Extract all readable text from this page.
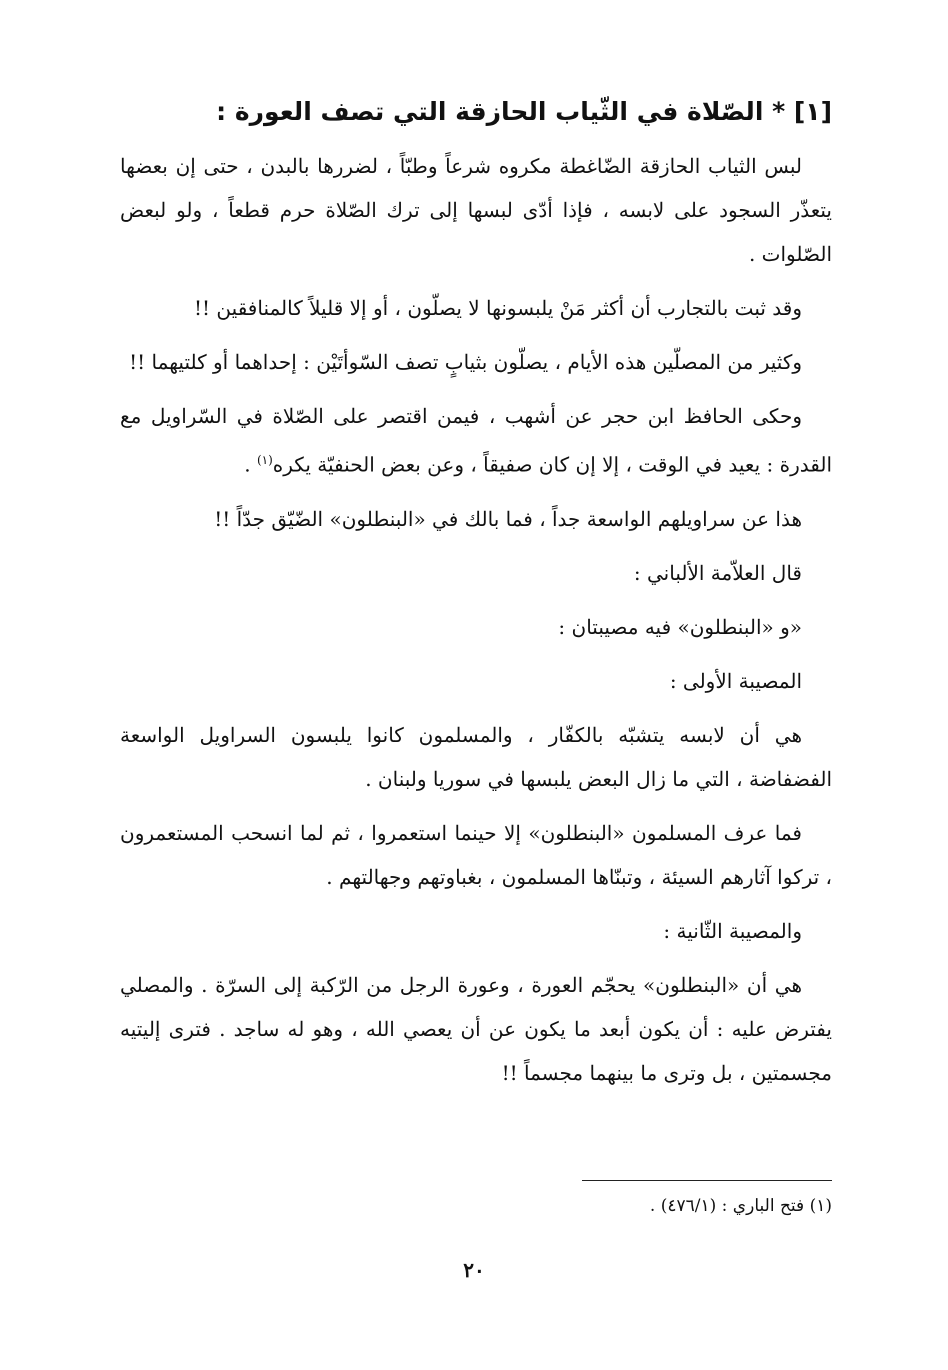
[١] * الصّلاة في الثّياب الحازقة التي تصف العورة :

لبس الثياب الحازقة الضّاغطة مكروه شرعاً وطبّاً ، لضررها بالبدن ، حتى إن بعضها يتعذّر السجود على لابسه ، فإذا أدّى لبسها إلى ترك الصّلاة حرم قطعاً ، ولو لبعض الصّلوات .

وقد ثبت بالتجارب أن أكثر مَنْ يلبسونها لا يصلّون ، أو إلا قليلاً كالمنافقين !!

وكثير من المصلّين هذه الأيام ، يصلّون بثيابٍ تصف السّوأتَيْن : إحداهما أو كلتيهما !!

وحكى الحافظ ابن حجر عن أشهب ، فيمن اقتصر على الصّلاة في السّراويل مع القدرة : يعيد في الوقت ، إلا إن كان صفيقاً ، وعن بعض الحنفيّة يكره$^{(١)}$ .

هذا عن سراويلهم الواسعة جداً ، فما بالك في «البنطلون» الضّيّق جدّاً !!

قال العلاّمة الألباني :

«و «البنطلون» فيه مصيبتان :

المصيبة الأولى :

هي أن لابسه يتشبّه بالكفّار ، والمسلمون كانوا يلبسون السراويل الواسعة الفضفاضة ، التي ما زال البعض يلبسها في سوريا ولبنان .

فما عرف المسلمون «البنطلون» إلا حينما استعمروا ، ثم لما انسحب المستعمرون ، تركوا آثارهم السيئة ، وتبنّاها المسلمون ، بغباوتهم وجهالتهم .

والمصيبة الثّانية :

هي أن «البنطلون» يحجّم العورة ، وعورة الرجل من الرّكبة إلى السرّة . والمصلي يفترض عليه : أن يكون أبعد ما يكون عن أن يعصي الله ، وهو له ساجد . فترى إليتيه مجسمتين ، بل وترى ما بينهما مجسماً !!

(١) فتح الباري : (٤٧٦/١) .
٢٠
